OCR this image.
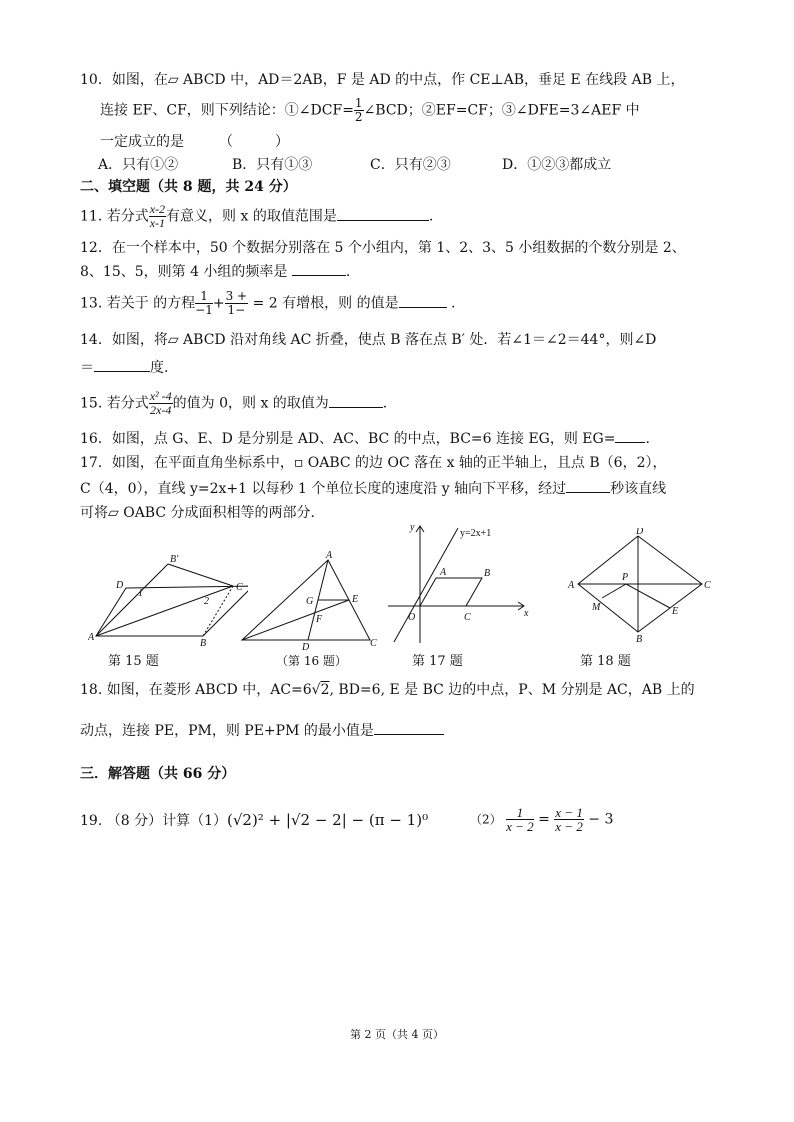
10．如图，在▱ ABCD 中，AD＝2AB，F 是 AD 的中点，作 CE⊥AB，垂足 E 在线段 AB 上，
连接 EF、CF，则下列结论：①∠DCF= $\frac{1}{2}$ ∠BCD；②EF=CF；③∠DFE=3∠AEF 中
一定成立的是　　　（　　　）
A．只有①②	B．只有①③	C．只有②③	D．①②③都成立
二、填空题（共 8 题，共 24 分）
11. 若分式 $\frac{x-2}{x-1}$ 有意义，则 x 的取值范围是	.
12．在一个样本中，50 个数据分别落在 5 个小组内，第 1、2、3、5 小组数据的个数分别是 2、
8、15、5，则第 4 小组的频率是	.
13. 若关于 的方程 $\frac{1}{-1} + \frac{3 +}{1-} = 2$ 有增根，则 的值是	.
14．如图，将▱ ABCD 沿对角线 AC 折叠，使点 B 落在点 B′ 处．若∠1＝∠2＝44°，则∠D
＝	度.
15. 若分式 $\frac{\text{x² -4}}{2x-4}$ 的值为 0，则 x 的取值为	.
16．如图，点 G、E、D 是分别是 AD、AC、BC 的中点，BC=6 连接 EG，则 EG= .
17．如图，在平面直角坐标系中，▫ OABC 的边 OC 落在 x 轴的正半轴上，且点 B（6，2），
C（4，0），直线 y=2x+1 以每秒 1 个单位长度的速度沿 y 轴向下平移，经过	秒该直线
可将▱ OABC 分成面积相等的两部分.
D
B′
C
1
2
A
B
第 15 题
A
G	E
F
D	C
（第 16 题）
y
y=2x+1
A	B
O	C	x
第 17 题
D
A
P
C
M	E
B
第 18 题
18. 如图，在菱形 ABCD 中，AC=6√2, BD=6, E 是 BC 边的中点，P、M 分别是 AC，AB 上的
动点，连接 PE，PM，则 PE+PM 的最小值是
三．解答题（共 66 分）
19. （8 分）计算（1）(√2)² + |√2 − 2| − (π − 1)⁰	$(2) \frac{1}{x - 2} = \frac{x - 1}{x - 2} - 3$
第 2 页（共 4 页）
